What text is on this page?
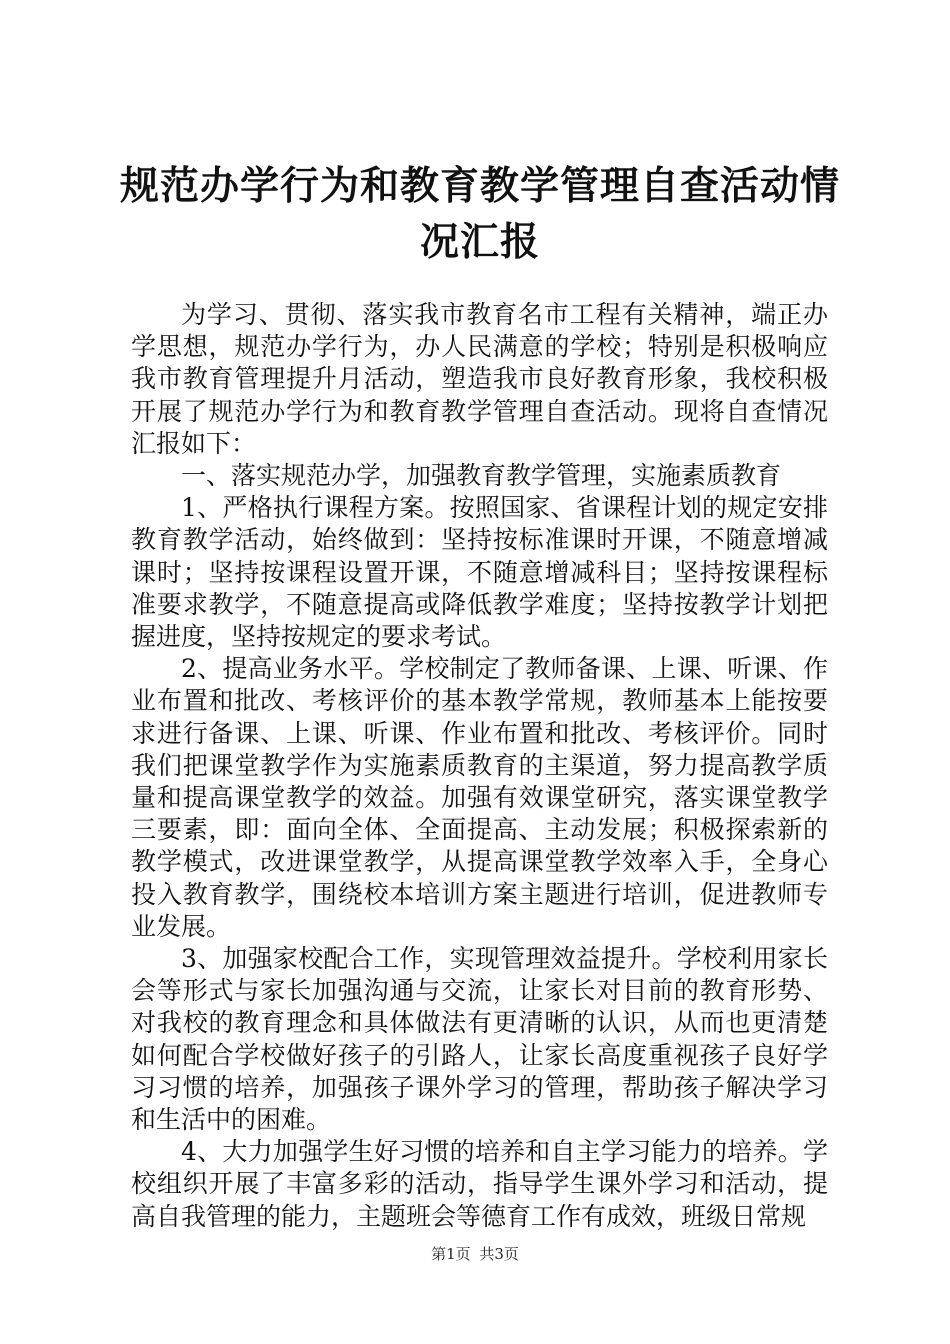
规范办学行为和教育教学管理自查活动情况汇报

为学习、贯彻、落实我市教育名市工程有关精神，端正办学思想，规范办学行为，办人民满意的学校；特别是积极响应我市教育管理提升月活动，塑造我市良好教育形象，我校积极开展了规范办学行为和教育教学管理自查活动。现将自查情况汇报如下：

一、落实规范办学，加强教育教学管理，实施素质教育

1、严格执行课程方案。按照国家、省课程计划的规定安排教育教学活动，始终做到：坚持按标准课时开课，不随意增减课时；坚持按课程设置开课，不随意增减科目；坚持按课程标准要求教学，不随意提高或降低教学难度；坚持按教学计划把握进度，坚持按规定的要求考试。

2、提高业务水平。学校制定了教师备课、上课、听课、作业布置和批改、考核评价的基本教学常规，教师基本上能按要求进行备课、上课、听课、作业布置和批改、考核评价。同时我们把课堂教学作为实施素质教育的主渠道，努力提高教学质量和提高课堂教学的效益。加强有效课堂研究，落实课堂教学三要素，即：面向全体、全面提高、主动发展；积极探索新的教学模式，改进课堂教学，从提高课堂教学效率入手，全身心投入教育教学，围绕校本培训方案主题进行培训，促进教师专业发展。

3、加强家校配合工作，实现管理效益提升。学校利用家长会等形式与家长加强沟通与交流，让家长对目前的教育形势、对我校的教育理念和具体做法有更清晰的认识，从而也更清楚如何配合学校做好孩子的引路人，让家长高度重视孩子良好学习习惯的培养，加强孩子课外学习的管理，帮助孩子解决学习和生活中的困难。

4、大力加强学生好习惯的培养和自主学习能力的培养。学校组织开展了丰富多彩的活动，指导学生课外学习和活动，提高自我管理的能力，主题班会等德育工作有成效，班级日常规

第1页 共3页
